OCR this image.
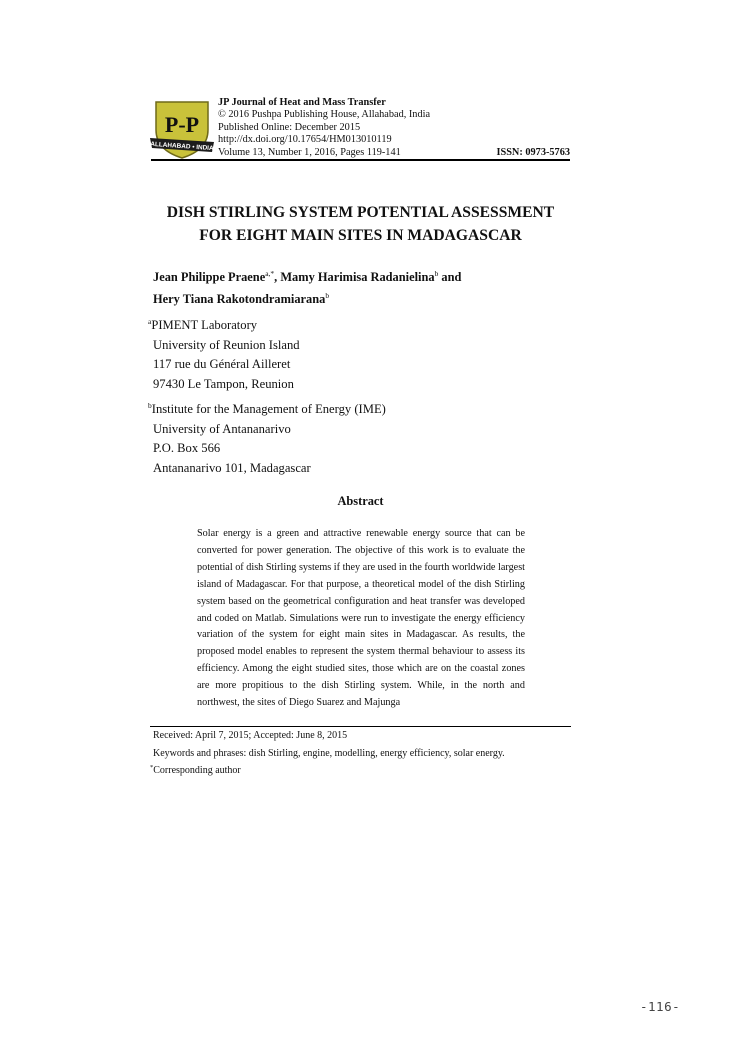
P-P
ALLAHABAD • INDIA
JP Journal of Heat and Mass Transfer
© 2016 Pushpa Publishing House, Allahabad, India
Published Online: December 2015
http://dx.doi.org/10.17654/HM013010119
Volume 13, Number 1, 2016, Pages 119-141	ISSN: 0973-5763
DISH STIRLING SYSTEM POTENTIAL ASSESSMENT
FOR EIGHT MAIN SITES IN MADAGASCAR
Jean Philippe Praene$^{a,*}$, Mamy Harimisa Radanielina$^b$ and
Hery Tiana Rakotondramiarana$^b$
$^a$PIMENT Laboratory
University of Reunion Island
117 rue du Général Ailleret
97430 Le Tampon, Reunion
$^b$Institute for the Management of Energy (IME)
University of Antananarivo
P.O. Box 566
Antananarivo 101, Madagascar
Abstract
Solar energy is a green and attractive renewable energy source that can be converted for power generation. The objective of this work is to evaluate the potential of dish Stirling systems if they are used in the fourth worldwide largest island of Madagascar. For that purpose, a theoretical model of the dish Stirling system based on the geometrical configuration and heat transfer was developed and coded on Matlab. Simulations were run to investigate the energy efficiency variation of the system for eight main sites in Madagascar. As results, the proposed model enables to represent the system thermal behaviour to assess its efficiency. Among the eight studied sites, those which are on the coastal zones are more propitious to the dish Stirling system. While, in the north and northwest, the sites of Diego Suarez and Majunga
Received: April 7, 2015; Accepted: June 8, 2015
Keywords and phrases: dish Stirling, engine, modelling, energy efficiency, solar energy.
*Corresponding author
-116-
